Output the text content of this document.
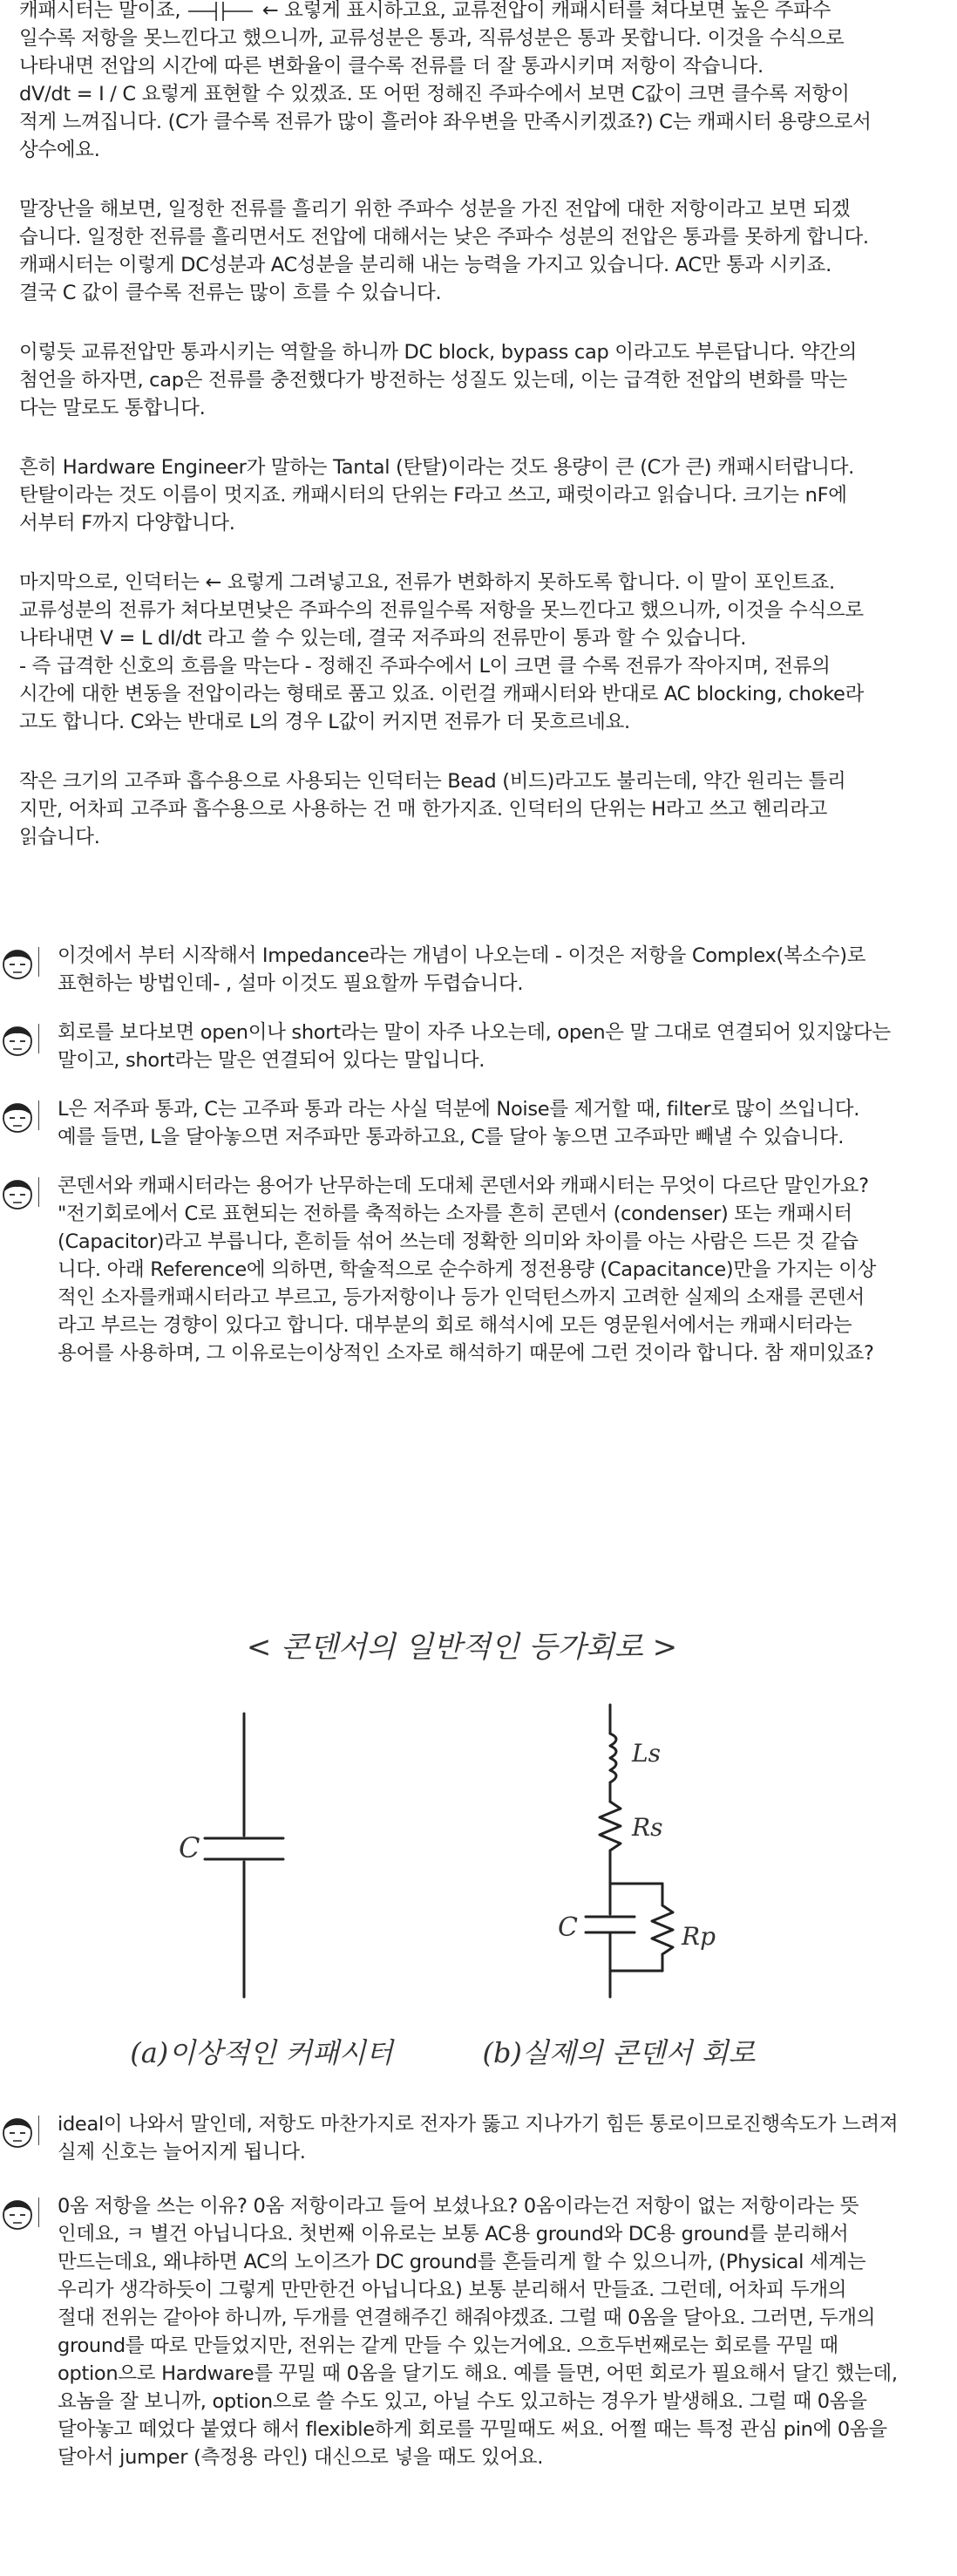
캐패시터는 말이죠,	← 요렇게 표시하고요, 교류전압이 캐패시터를 쳐다보면 높은 주파수
일수록 저항을 못느낀다고 했으니까, 교류성분은 통과, 직류성분은 통과 못합니다. 이것을 수식으로
나타내면 전압의 시간에 따른 변화율이 클수록 전류를 더 잘 통과시키며 저항이 작습니다.
dV/dt = I / C 요렇게 표현할 수 있겠죠. 또 어떤 정해진 주파수에서 보면 C값이 크면 클수록 저항이
적게 느껴집니다. (C가 클수록 전류가 많이 흘러야 좌우변을 만족시키겠죠?) C는 캐패시터 용량으로서
상수에요.
말장난을 해보면, 일정한 전류를 흘리기 위한 주파수 성분을 가진 전압에 대한 저항이라고 보면 되겠
습니다. 일정한 전류를 흘리면서도 전압에 대해서는 낮은 주파수 성분의 전압은 통과를 못하게 합니다.
캐패시터는 이렇게 DC성분과 AC성분을 분리해 내는 능력을 가지고 있습니다. AC만 통과 시키죠.
결국 C 값이 클수록 전류는 많이 흐를 수 있습니다.
이렇듯 교류전압만 통과시키는 역할을 하니까 DC block, bypass cap 이라고도 부른답니다. 약간의
첨언을 하자면, cap은 전류를 충전했다가 방전하는 성질도 있는데, 이는 급격한 전압의 변화를 막는
다는 말로도 통합니다.
흔히 Hardware Engineer가 말하는 Tantal (탄탈)이라는 것도 용량이 큰 (C가 큰) 캐패시터랍니다.
탄탈이라는 것도 이름이 멋지죠. 캐패시터의 단위는 F라고 쓰고, 패럿이라고 읽습니다. 크기는 nF에
서부터 F까지 다양합니다.
마지막으로, 인덕터는 ← 요렇게 그려넣고요, 전류가 변화하지 못하도록 합니다. 이 말이 포인트죠.
교류성분의 전류가 쳐다보면낮은 주파수의 전류일수록 저항을 못느낀다고 했으니까, 이것을 수식으로
나타내면 V = L dI/dt 라고 쓸 수 있는데, 결국 저주파의 전류만이 통과 할 수 있습니다.
- 즉 급격한 신호의 흐름을 막는다 - 정해진 주파수에서 L이 크면 클 수록 전류가 작아지며, 전류의
시간에 대한 변동을 전압이라는 형태로 품고 있죠. 이런걸 캐패시터와 반대로 AC blocking, choke라
고도 합니다. C와는 반대로 L의 경우 L값이 커지면 전류가 더 못흐르네요.
작은 크기의 고주파 흡수용으로 사용되는 인덕터는 Bead (비드)라고도 불리는데, 약간 원리는 틀리
지만, 어차피 고주파 흡수용으로 사용하는 건 매 한가지죠. 인덕터의 단위는 H라고 쓰고 헨리라고
읽습니다.
이것에서 부터 시작해서 Impedance라는 개념이 나오는데 - 이것은 저항을 Complex(복소수)로
표현하는 방법인데- , 설마 이것도 필요할까 두렵습니다.
회로를 보다보면 open이나 short라는 말이 자주 나오는데, open은 말 그대로 연결되어 있지않다는
말이고, short라는 말은 연결되어 있다는 말입니다.
L은 저주파 통과, C는 고주파 통과 라는 사실 덕분에 Noise를 제거할 때, filter로 많이 쓰입니다.
예를 들면, L을 달아놓으면 저주파만 통과하고요, C를 달아 놓으면 고주파만 빼낼 수 있습니다.
콘덴서와 캐패시터라는 용어가 난무하는데 도대체 콘덴서와 캐패시터는 무엇이 다르단 말인가요?
"전기회로에서 C로 표현되는 전하를 축적하는 소자를 흔히 콘덴서 (condenser) 또는 캐패시터
(Capacitor)라고 부릅니다, 흔히들 섞어 쓰는데 정확한 의미와 차이를 아는 사람은 드믄 것 같습
니다. 아래 Reference에 의하면, 학술적으로 순수하게 정전용량 (Capacitance)만을 가지는 이상
적인 소자를캐패시터라고 부르고, 등가저항이나 등가 인덕턴스까지 고려한 실제의 소재를 콘덴서
라고 부르는 경향이 있다고 합니다. 대부분의 회로 해석시에 모든 영문원서에서는 캐패시터라는
용어를 사용하며, 그 이유로는이상적인 소자로 해석하기 때문에 그런 것이라 합니다. 참 재미있죠?
< 콘덴서의 일반적인 등가회로 >
C
Ls
Rs
C	Rp
(a)이상적인 커패시터	(b)실제의 콘덴서 회로
ideal이 나와서 말인데, 저항도 마찬가지로 전자가 뚫고 지나가기 힘든 통로이므로진행속도가 느려져
실제 신호는 늘어지게 됩니다.
0옴 저항을 쓰는 이유? 0옴 저항이라고 들어 보셨나요? 0옴이라는건 저항이 없는 저항이라는 뜻
인데요, ㅋ 별건 아닙니다요. 첫번째 이유로는 보통 AC용 ground와 DC용 ground를 분리해서
만드는데요, 왜냐하면 AC의 노이즈가 DC ground를 흔들리게 할 수 있으니까, (Physical 세계는
우리가 생각하듯이 그렇게 만만한건 아닙니다요) 보통 분리해서 만들죠. 그런데, 어차피 두개의
절대 전위는 같아야 하니까, 두개를 연결해주긴 해줘야겠죠. 그럴 때 0옴을 달아요. 그러면, 두개의
ground를 따로 만들었지만, 전위는 같게 만들 수 있는거에요. 으흐두번째로는 회로를 꾸밀 때
option으로 Hardware를 꾸밀 때 0옴을 달기도 해요. 예를 들면, 어떤 회로가 필요해서 달긴 했는데,
요놈을 잘 보니까, option으로 쓸 수도 있고, 아닐 수도 있고하는 경우가 발생해요. 그럴 때 0옴을
달아놓고 떼었다 붙였다 해서 flexible하게 회로를 꾸밀때도 써요. 어쩔 때는 특정 관심 pin에 0옴을
달아서 jumper (측정용 라인) 대신으로 넣을 때도 있어요.
